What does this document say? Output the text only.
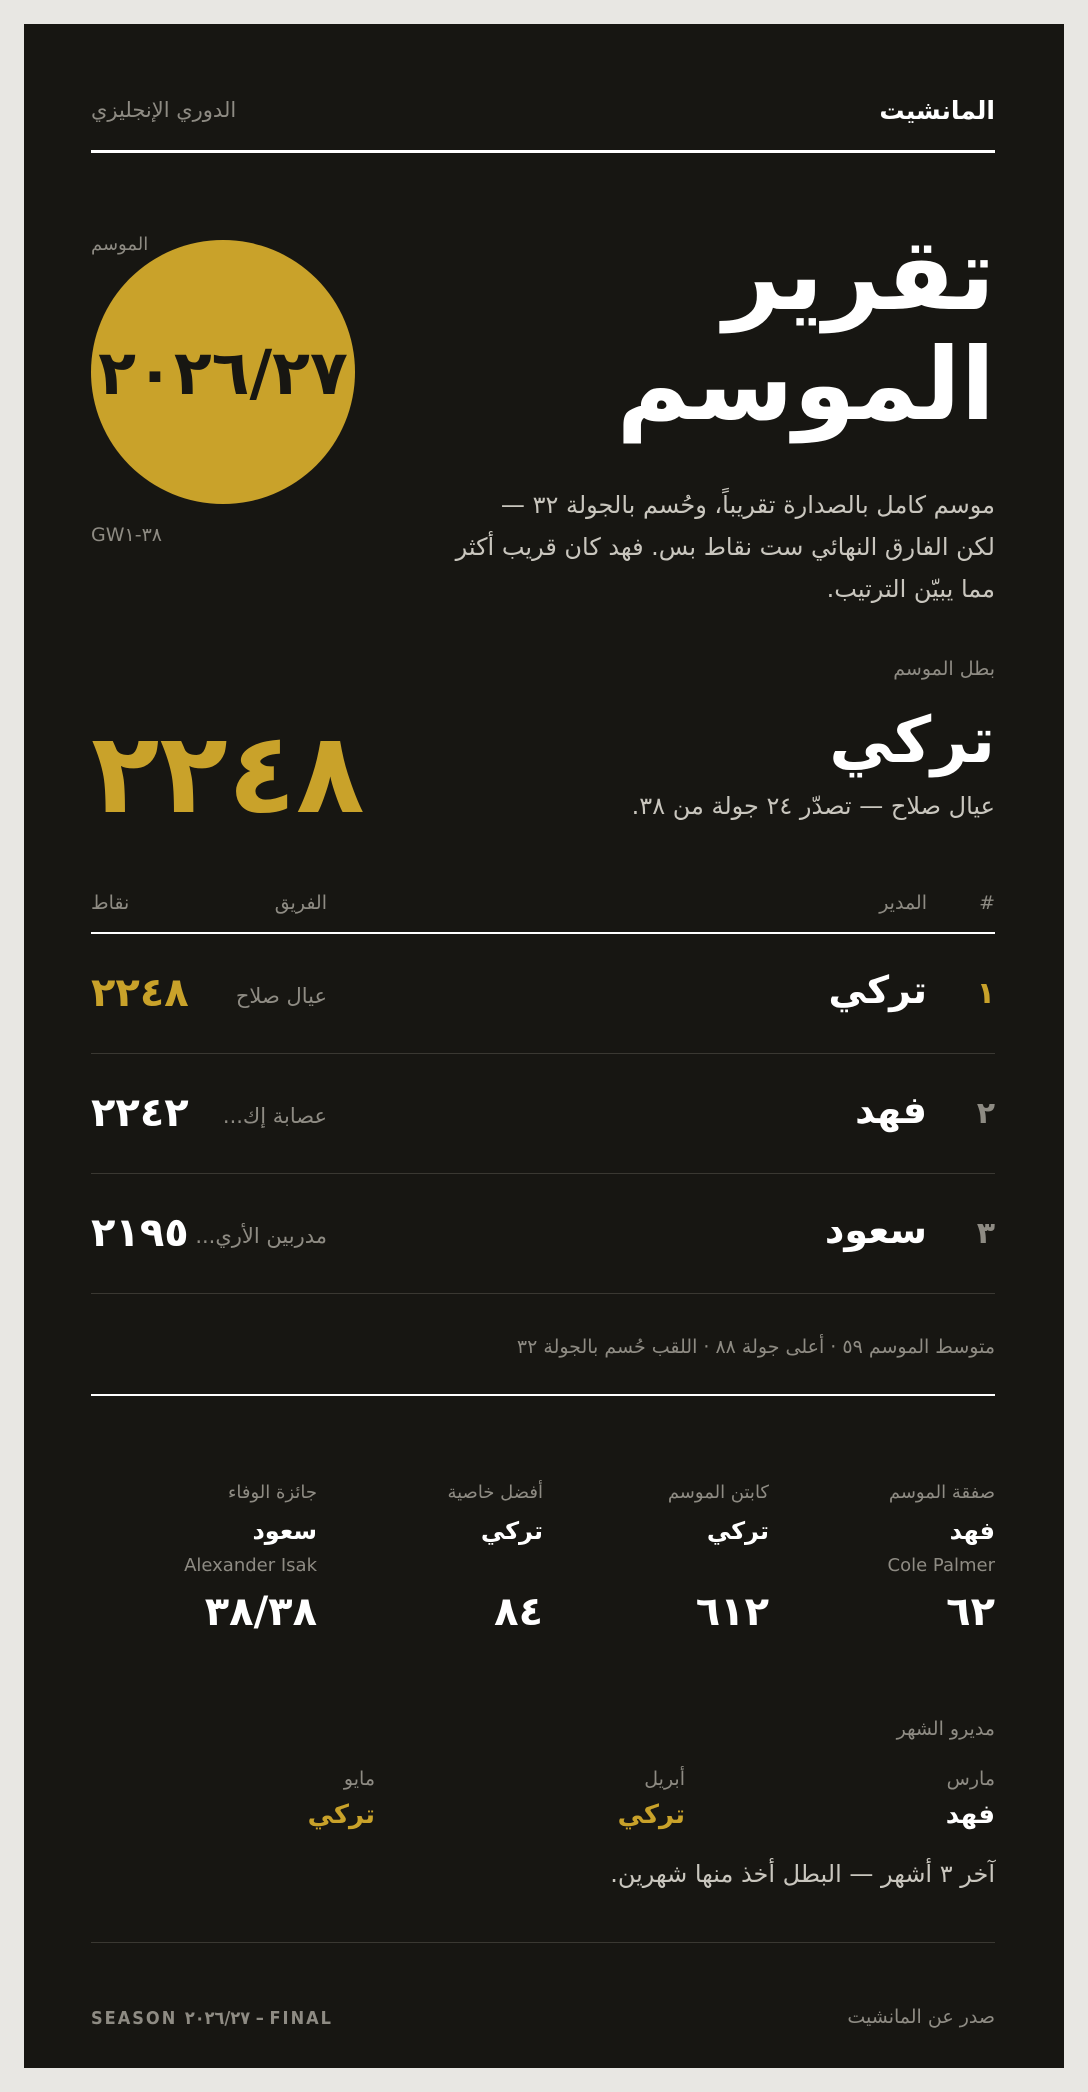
المانشيت
الدوري الإنجليزي
تقرير الموسم
موسم كامل بالصدارة تقريباً، وحُسم بالجولة ٣٢ — لكن الفارق النهائي ست نقاط بس. فهد كان قريب أكثر مما يبيّن الترتيب.
الموسم
٢٠٢٦/٢٧
GW٣٨-١
بطل الموسم
تركي
عيال صلاح — تصدّر ٢٤ جولة من ٣٨.
٢٢٤٨
#
المدير
الفريق
نقاط
١
تركي
عيال صلاح
٢٢٤٨
٢
فهد
عصابة إك...
٢٢٤٢
٣
سعود
مدربين الأري...
٢١٩٥
متوسط الموسم ٥٩ · أعلى جولة ٨٨ · اللقب حُسم بالجولة ٣٢
صفقة الموسم
فهد
Cole Palmer
٦٢
كابتن الموسم
تركي
٦١٢
أفضل خاصية
تركي
٨٤
جائزة الوفاء
سعود
Alexander Isak
٣٨/٣٨
مديرو الشهر
مارس
فهد
أبريل
تركي
مايو
تركي
آخر ٣ أشهر — البطل أخذ منها شهرين.
SEASON ٢٠٢٦/٢٧ – FINAL	صدر عن المانشيت
